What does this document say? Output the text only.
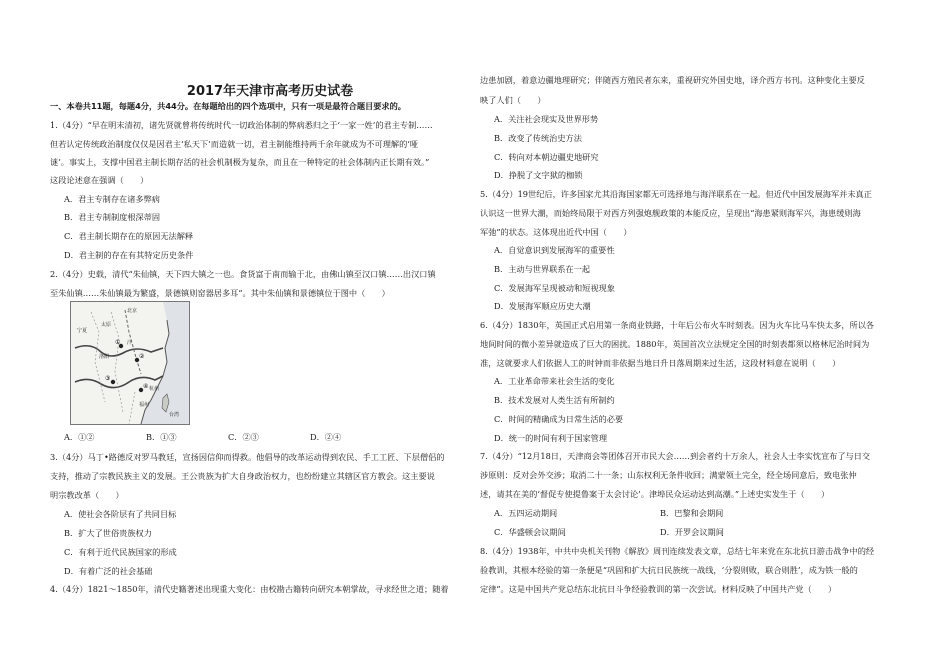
2017年天津市高考历史试卷
一、本卷共11题，每题4分，共44分。在每题给出的四个选项中，只有一项是最符合题目要求的。
1.（4分）“早在明末清初，诸先贤就曾将传统时代一切政治体制的弊病悉归之于‘一家一姓’的君主专制……
但若认定传统政治制度仅仅是因君主‘私天下’而造就一切，君主制能维持两千余年就成为不可理解的‘哑
谜’。事实上，支撑中国君主制长期存活的社会机制极为复杂，而且在一种特定的社会体制内正长期有效。”
这段论述意在强调（　　）
A．君主专制存在诸多弊病
B．君主专制制度根深蒂固
C．君主制长期存在的原因无法解释
D．君主制的存在有其特定历史条件
2.（4分）史载，清代“朱仙镇，天下四大镇之一也。食货富于南而输于北，由佛山镇至汉口镇……出汉口镇
至朱仙镇……朱仙镇最为繁盛，景德镇则窑器居多耳”。其中朱仙镇和景德镇位于图中（　　）
北京
太原
宁夏
洛阳
汴
杭州
福州
台湾
①
②
③
④
A．①②	B．①③	C．②③	D．②④
3.（4分）马丁•路德反对罗马教廷，宣扬因信仰而得救。他倡导的改革运动得到农民、手工工匠、下层僧侣的
支持，推动了宗教民族主义的发展。王公贵族为扩大自身政治权力，也纷纷建立其辖区官方教会。这主要说
明宗教改革（　　）
A．使社会各阶层有了共同目标
B．扩大了世俗贵族权力
C．有利于近代民族国家的形成
D．有着广泛的社会基础
4.（4分）1821～1850年，清代史籍著述出现重大变化：由校勘古籍转向研究本朝掌故，寻求经世之道；随着
边患加剧，着意边疆地理研究；伴随西方殖民者东来，重视研究外国史地，译介西方书刊。这种变化主要反
映了人们（　　）
A．关注社会现实及世界形势
B．改变了传统治史方法
C．转向对本朝边疆史地研究
D．挣脱了文字狱的枷锁
5.（4分）19世纪后，许多国家尤其沿海国家都无可选择地与海洋联系在一起。但近代中国发展海军并未真正
认识这一世界大潮，而始终局限于对西方列强炮舰政策的本能反应，呈现出“海患紧则海军兴，海患缓则海
军弛”的状态。这体现出近代中国（　　）
A．自觉意识到发展海军的重要性
B．主动与世界联系在一起
C．发展海军呈现被动和短视现象
D．发展海军顺应历史大潮
6.（4分）1830年，英国正式启用第一条商业铁路，十年后公布火车时刻表。因为火车比马车快太多，所以各
地间时间的微小差异就造成了巨大的困扰。1880年，英国首次立法规定全国的时刻表都须以格林尼治时间为
准，这就要求人们依据人工的时钟而非依据当地日升日落周期来过生活，这段材料意在说明（　　）
A．工业革命带来社会生活的变化
B．技术发展对人类生活有所制约
C．时间的精确成为日常生活的必要
D．统一的时间有利于国家管理
7.（4分）“12月18日，天津商会等团体召开市民大会……到会者约十万余人，社会人士李实忱宣布了与日交
涉原则：反对会外交涉；取消二十一条；山东权利无条件收回；满蒙领土完全，经全场同意后，致电张仲
述，请其在美的‘督促专使提鲁案于太会讨论’。津埠民众运动达到高潮。”上述史实发生于（　　）
A．五四运动期间	B．巴黎和会期间
C．华盛顿会议期间	D．开罗会议期间
8.（4分）1938年，中共中央机关刊物《解放》周刊连续发表文章，总结七年来党在东北抗日游击战争中的经
验教训，其根本经验的第一条便是“巩固和扩大抗日民族统一战线，‘分裂则败，联合则胜’，成为铁一般的
定律”。这是中国共产党总结东北抗日斗争经验教训的第一次尝试。材料反映了中国共产党（　　）
